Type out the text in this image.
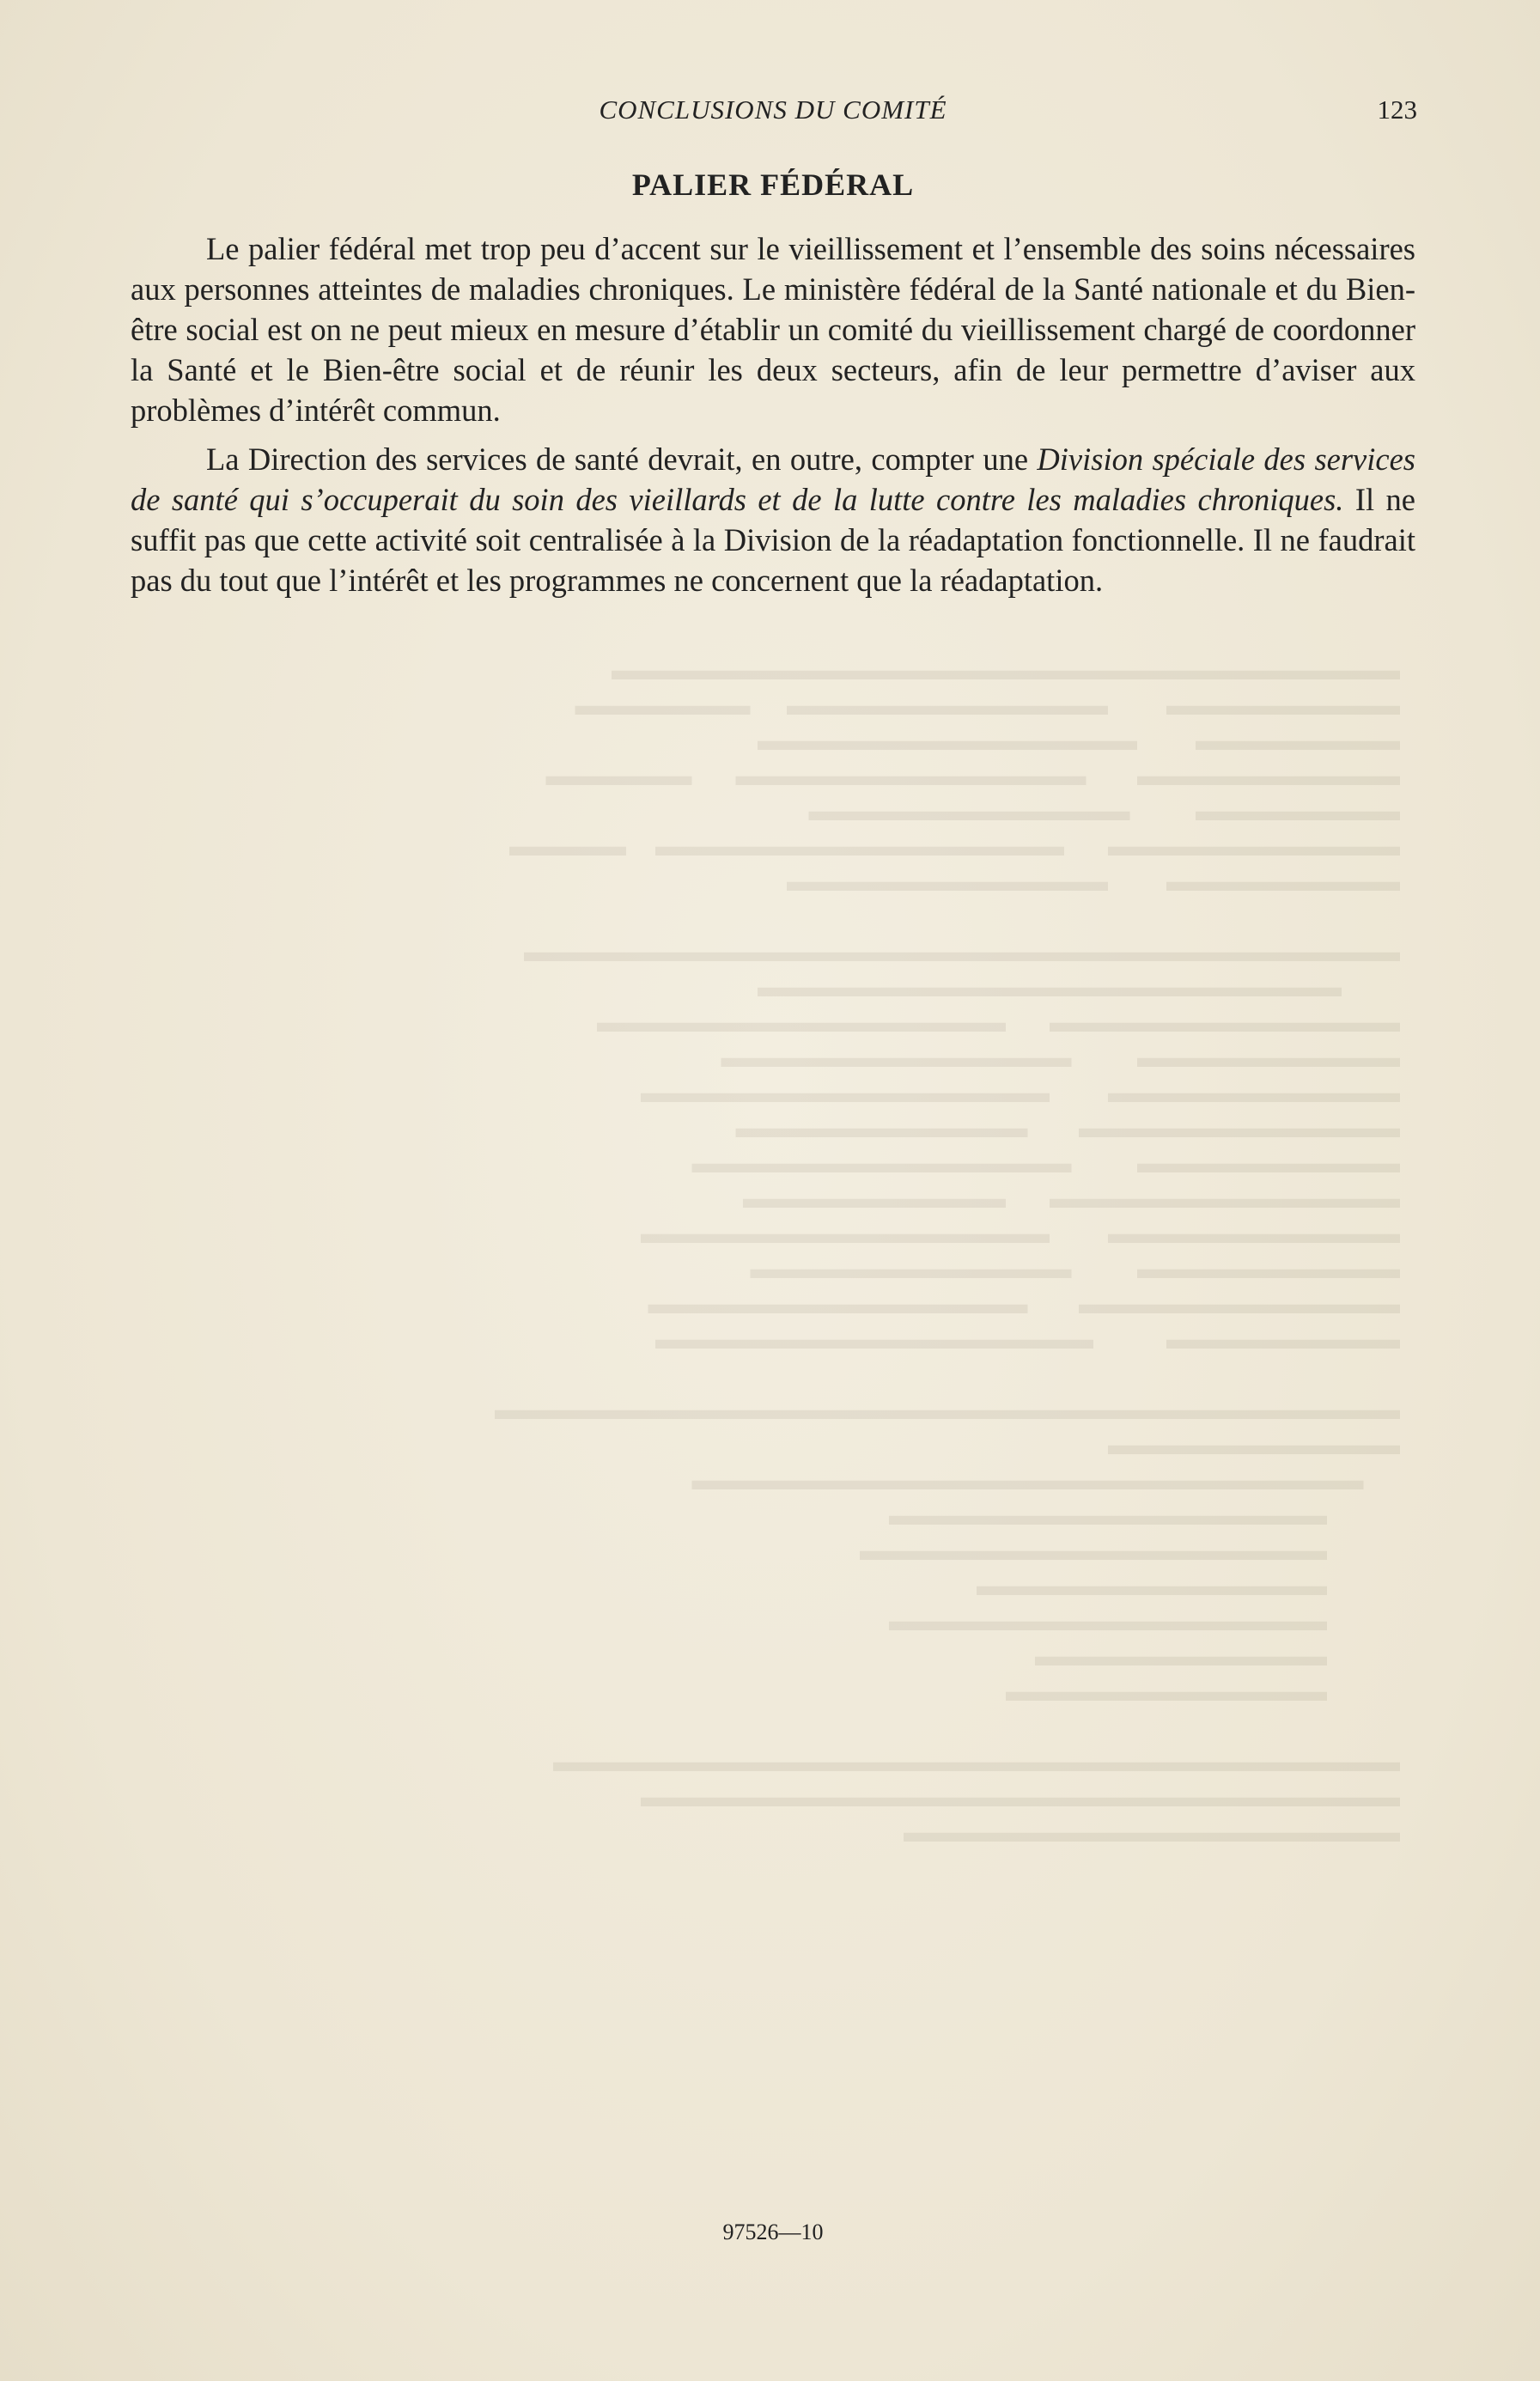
▬▬▬▬▬▬▬▬▬▬▬▬▬▬▬▬▬▬▬▬▬▬▬▬▬▬▬
▬▬▬▬▬▬▬▬        ▬▬▬▬▬▬▬▬▬▬▬     ▬▬▬▬▬▬
▬▬▬▬▬▬▬        ▬▬▬▬▬▬▬▬▬▬▬▬▬
▬▬▬▬▬▬▬▬▬       ▬▬▬▬▬▬▬▬▬▬▬▬      ▬▬▬▬▬
▬▬▬▬▬▬▬         ▬▬▬▬▬▬▬▬▬▬▬
▬▬▬▬▬▬▬▬▬▬      ▬▬▬▬▬▬▬▬▬▬▬▬▬▬    ▬▬▬▬
▬▬▬▬▬▬▬▬        ▬▬▬▬▬▬▬▬▬▬▬

▬▬▬▬▬▬▬▬▬▬▬▬▬▬▬▬▬▬▬▬▬▬▬▬▬▬▬▬▬▬
▬▬▬▬▬▬▬▬▬▬▬▬▬▬▬▬▬▬▬▬
▬▬▬▬▬▬▬▬▬▬▬▬      ▬▬▬▬▬▬▬▬▬▬▬▬▬▬
▬▬▬▬▬▬▬▬▬         ▬▬▬▬▬▬▬▬▬▬▬▬
▬▬▬▬▬▬▬▬▬▬        ▬▬▬▬▬▬▬▬▬▬▬▬▬▬
▬▬▬▬▬▬▬▬▬▬▬       ▬▬▬▬▬▬▬▬▬▬
▬▬▬▬▬▬▬▬▬         ▬▬▬▬▬▬▬▬▬▬▬▬▬
▬▬▬▬▬▬▬▬▬▬▬▬      ▬▬▬▬▬▬▬▬▬
▬▬▬▬▬▬▬▬▬▬        ▬▬▬▬▬▬▬▬▬▬▬▬▬▬
▬▬▬▬▬▬▬▬▬         ▬▬▬▬▬▬▬▬▬▬▬
▬▬▬▬▬▬▬▬▬▬▬       ▬▬▬▬▬▬▬▬▬▬▬▬▬
▬▬▬▬▬▬▬▬          ▬▬▬▬▬▬▬▬▬▬▬▬▬▬▬

▬▬▬▬▬▬▬▬▬▬▬▬▬▬▬▬▬▬▬▬▬▬▬▬▬▬▬▬▬▬▬
▬▬▬▬▬▬▬▬▬▬
▬▬▬▬▬▬▬▬▬▬▬▬▬▬▬▬▬▬▬▬▬▬▬
▬▬▬▬▬▬▬▬▬▬▬▬▬▬▬
▬▬▬▬▬▬▬▬▬▬▬▬▬▬▬▬
▬▬▬▬▬▬▬▬▬▬▬▬
▬▬▬▬▬▬▬▬▬▬▬▬▬▬▬
▬▬▬▬▬▬▬▬▬▬
▬▬▬▬▬▬▬▬▬▬▬

▬▬▬▬▬▬▬▬▬▬▬▬▬▬▬▬▬▬▬▬▬▬▬▬▬▬▬▬▬
▬▬▬▬▬▬▬▬▬▬▬▬▬▬▬▬▬▬▬▬▬▬▬▬▬▬
▬▬▬▬▬▬▬▬▬▬▬▬▬▬▬▬▬
CONCLUSIONS DU COMITÉ	123
PALIER FÉDÉRAL

Le palier fédéral met trop peu d’accent sur le vieillissement et l’ensemble des soins nécessaires aux personnes atteintes de maladies chroniques. Le ministère fédéral de la Santé nationale et du Bien-être social est on ne peut mieux en mesure d’établir un comité du vieillissement chargé de coordonner la Santé et le Bien-être social et de réunir les deux secteurs, afin de leur permettre d’aviser aux problèmes d’intérêt commun.

La Direction des services de santé devrait, en outre, compter une Division spéciale des services de santé qui s’occuperait du soin des vieillards et de la lutte contre les maladies chroniques. Il ne suffit pas que cette activité soit centralisée à la Division de la réadaptation fonctionnelle. Il ne faudrait pas du tout que l’intérêt et les programmes ne concernent que la réadaptation.

97526—10
